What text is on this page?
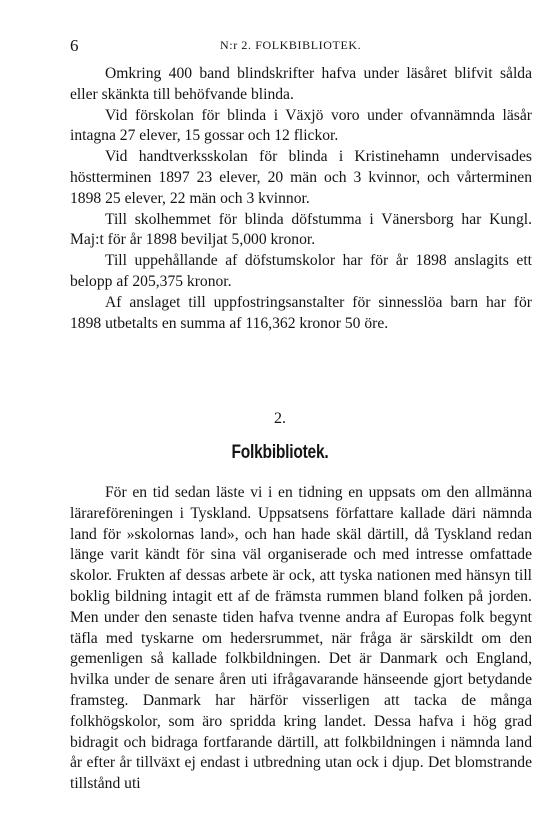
6	N:r 2. FOLKBIBLIOTEK.

Omkring 400 band blindskrifter hafva under läsåret blifvit sålda eller skänkta till behöfvande blinda.

Vid förskolan för blinda i Växjö voro under ofvannämnda läsår intagna 27 elever, 15 gossar och 12 flickor.

Vid handtverksskolan för blinda i Kristinehamn undervisades höstterminen 1897 23 elever, 20 män och 3 kvinnor, och vårterminen 1898 25 elever, 22 män och 3 kvinnor.

Till skolhemmet för blinda döfstumma i Vänersborg har Kungl. Maj:t för år 1898 beviljat 5,000 kronor.

Till uppehållande af döfstumskolor har för år 1898 anslagits ett belopp af 205,375 kronor.

Af anslaget till uppfostringsanstalter för sinnesslöa barn har för 1898 utbetalts en summa af 116,362 kronor 50 öre.

2.
Folkbibliotek.

För en tid sedan läste vi i en tidning en uppsats om den allmänna lärareföreningen i Tyskland. Uppsatsens författare kallade däri nämnda land för »skolornas land», och han hade skäl därtill, då Tyskland redan länge varit kändt för sina väl organiserade och med intresse omfattade skolor. Frukten af dessas arbete är ock, att tyska nationen med hänsyn till boklig bildning intagit ett af de främsta rummen bland folken på jorden. Men under den senaste tiden hafva tvenne andra af Europas folk begynt täfla med tyskarne om hedersrummet, när fråga är särskildt om den gemenligen så kallade folkbildningen. Det är Danmark och England, hvilka under de senare åren uti ifrågavarande hänseende gjort betydande framsteg. Danmark har härför visserligen att tacka de många folkhögskolor, som äro spridda kring landet. Dessa hafva i hög grad bidragit och bidraga fortfarande därtill, att folkbildningen i nämnda land år efter år tillväxt ej endast i utbredning utan ock i djup. Det blomstrande tillstånd uti
